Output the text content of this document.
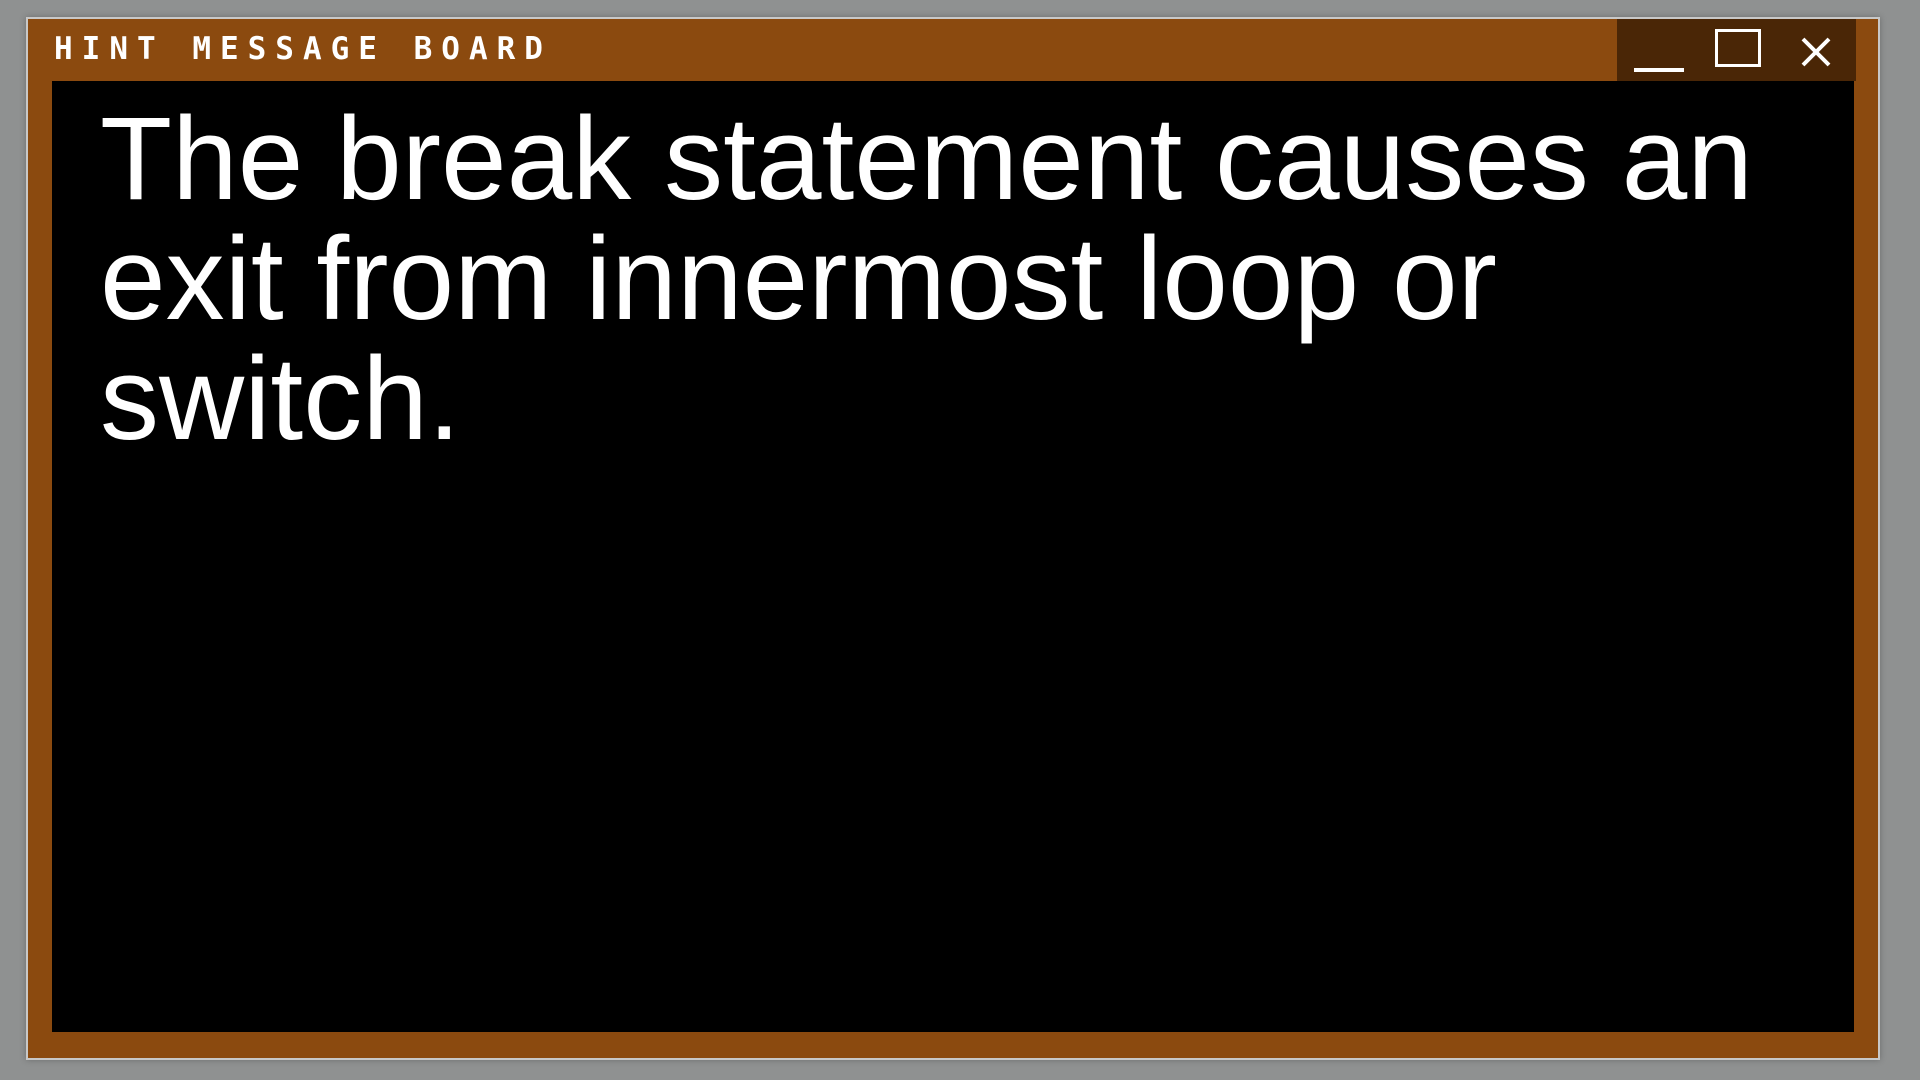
HINT MESSAGE BOARD

The break statement causes an exit from innermost loop or switch.
